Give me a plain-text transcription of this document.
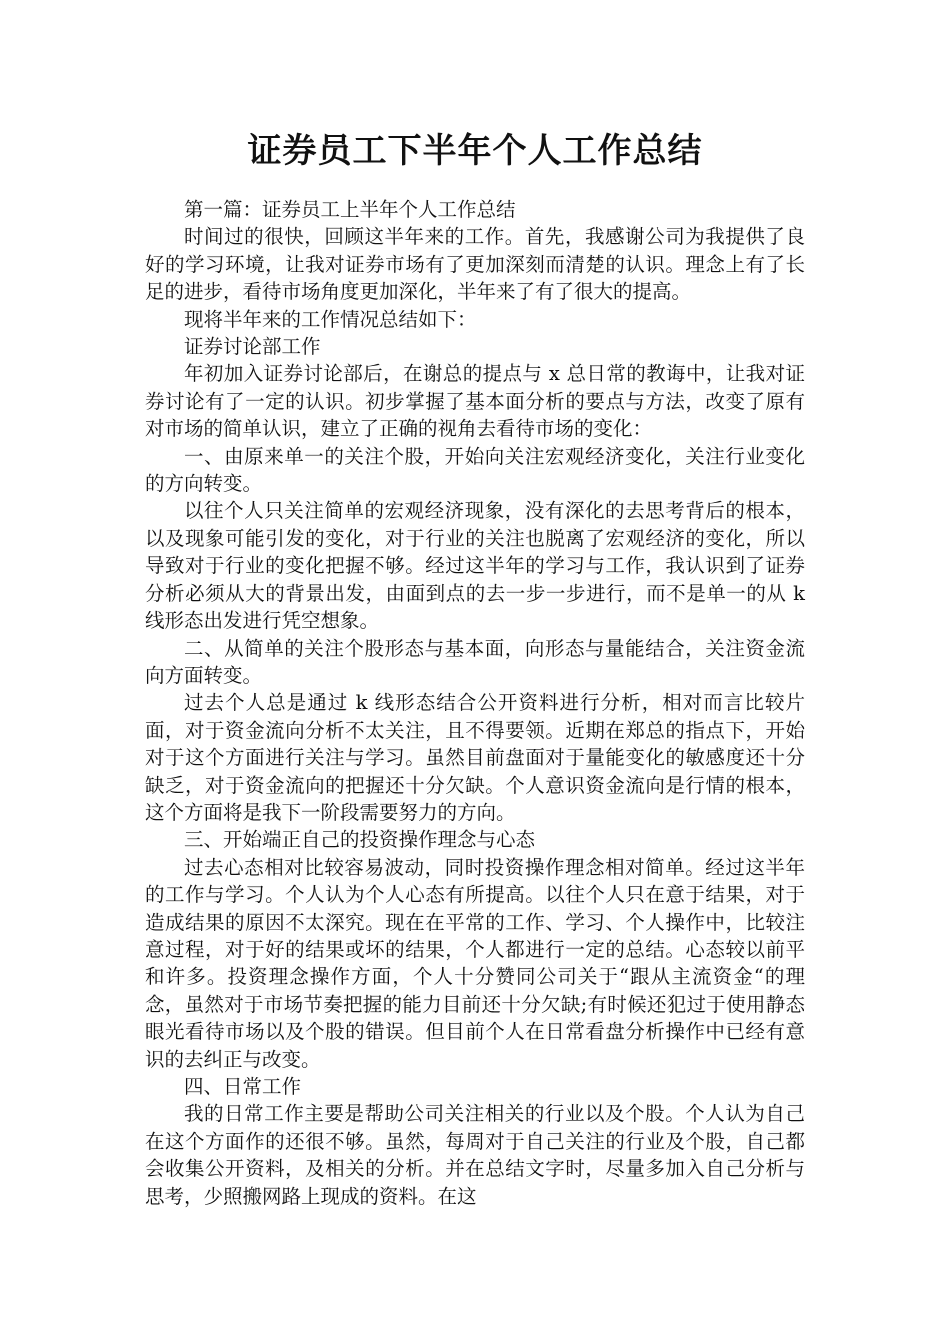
证券员工下半年个人工作总结

第一篇：证券员工上半年个人工作总结

时间过的很快，回顾这半年来的工作。首先，我感谢公司为我提供了良好的学习环境，让我对证券市场有了更加深刻而清楚的认识。理念上有了长足的进步，看待市场角度更加深化，半年来了有了很大的提高。

现将半年来的工作情况总结如下：

证券讨论部工作

年初加入证券讨论部后，在谢总的提点与 x 总日常的教诲中，让我对证券讨论有了一定的认识。初步掌握了基本面分析的要点与方法，改变了原有对市场的简单认识，建立了正确的视角去看待市场的变化：

一、由原来单一的关注个股，开始向关注宏观经济变化，关注行业变化的方向转变。

以往个人只关注简单的宏观经济现象，没有深化的去思考背后的根本，以及现象可能引发的变化，对于行业的关注也脱离了宏观经济的变化，所以导致对于行业的变化把握不够。经过这半年的学习与工作，我认识到了证券分析必须从大的背景出发，由面到点的去一步一步进行，而不是单一的从 k 线形态出发进行凭空想象。

二、从简单的关注个股形态与基本面，向形态与量能结合，关注资金流向方面转变。

过去个人总是通过 k 线形态结合公开资料进行分析，相对而言比较片面，对于资金流向分析不太关注，且不得要领。近期在郑总的指点下，开始对于这个方面进行关注与学习。虽然目前盘面对于量能变化的敏感度还十分缺乏，对于资金流向的把握还十分欠缺。个人意识资金流向是行情的根本，这个方面将是我下一阶段需要努力的方向。

三、开始端正自己的投资操作理念与心态

过去心态相对比较容易波动，同时投资操作理念相对简单。经过这半年的工作与学习。个人认为个人心态有所提高。以往个人只在意于结果，对于造成结果的原因不太深究。现在在平常的工作、学习、个人操作中，比较注意过程，对于好的结果或坏的结果，个人都进行一定的总结。心态较以前平和许多。投资理念操作方面，个人十分赞同公司关于“跟从主流资金“的理念，虽然对于市场节奏把握的能力目前还十分欠缺;有时候还犯过于使用静态眼光看待市场以及个股的错误。但目前个人在日常看盘分析操作中已经有意识的去纠正与改变。

四、日常工作

我的日常工作主要是帮助公司关注相关的行业以及个股。个人认为自己在这个方面作的还很不够。虽然，每周对于自己关注的行业及个股，自己都会收集公开资料，及相关的分析。并在总结文字时，尽量多加入自己分析与思考，少照搬网路上现成的资料。在这
